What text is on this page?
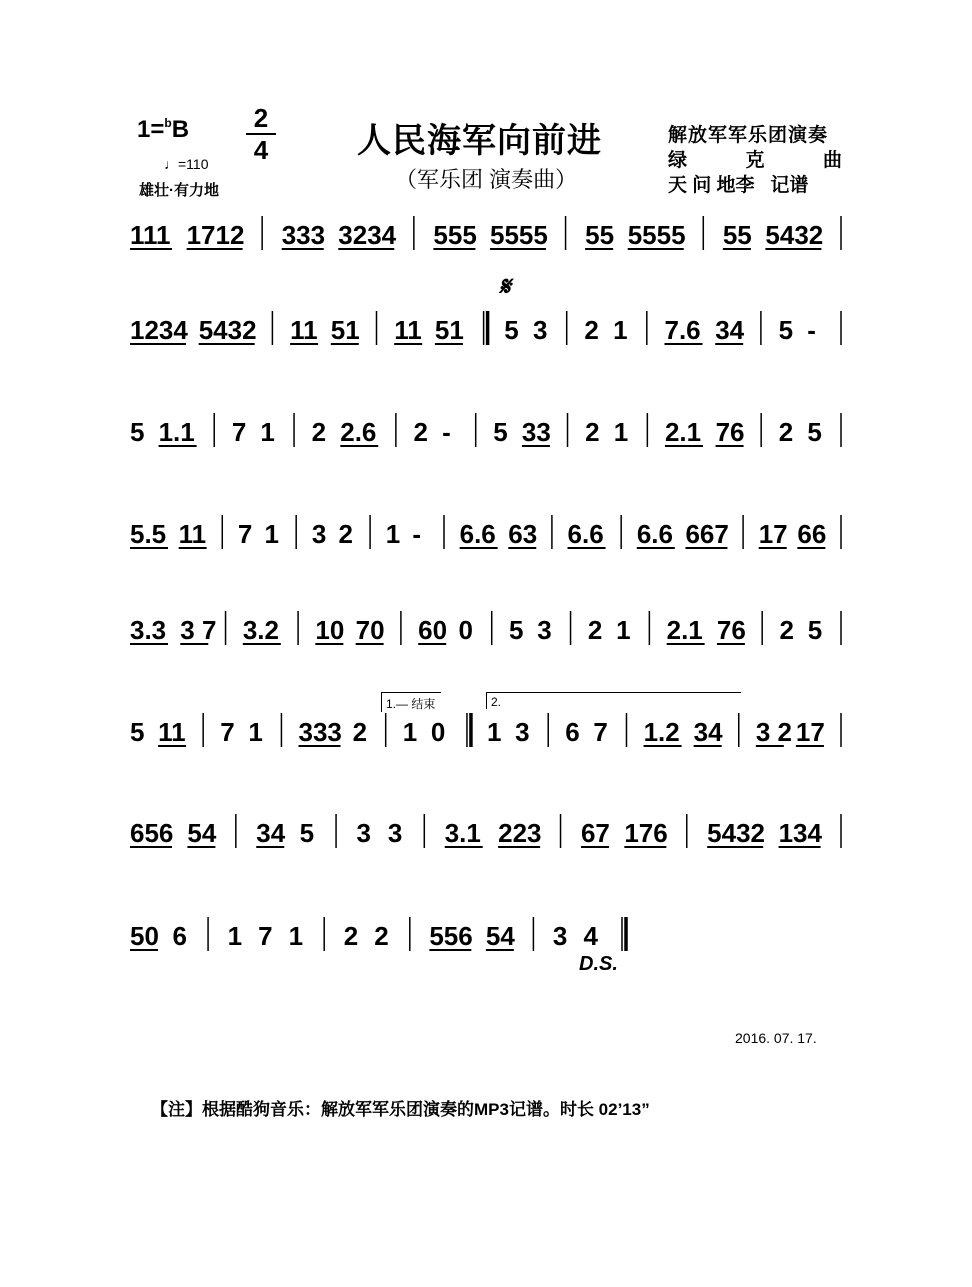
1=$^b$B	2
4
♩=110
雄壮·有力地
人民海军向前进
（军乐团 演奏曲）
解放军军乐团演奏
绿 克 曲
天 问 地李 记谱
𝄋
1.— 结束	2.
D.S.
111 1712 333 3234 555 5555 55 5555 55 5432
1234 5432 11 51 11 51 5 3 2 1 7.6 34 5 -
5 1.1 7 1 2 2.6 2 - 5 33 2 1 2.1 76 2 5
5.5 11 7 1 3 2 1 - 6.6 63 6.6 6.6 667 17 66
3.3 3 7 3.2 10 70 60 0 5 3 2 1 2.1 76 2 5
5 11 7 1 333 2 1 0 1 3 6 7 1.2 34 3 2 17
656 54 34 5 3 3 3.1 223 67 176 5432 134
50 6 1 7 1 2 2 556 54 3 4
2016. 07. 17.
【注】根据酷狗音乐：解放军军乐团演奏的MP3记谱。时长 02’13”
